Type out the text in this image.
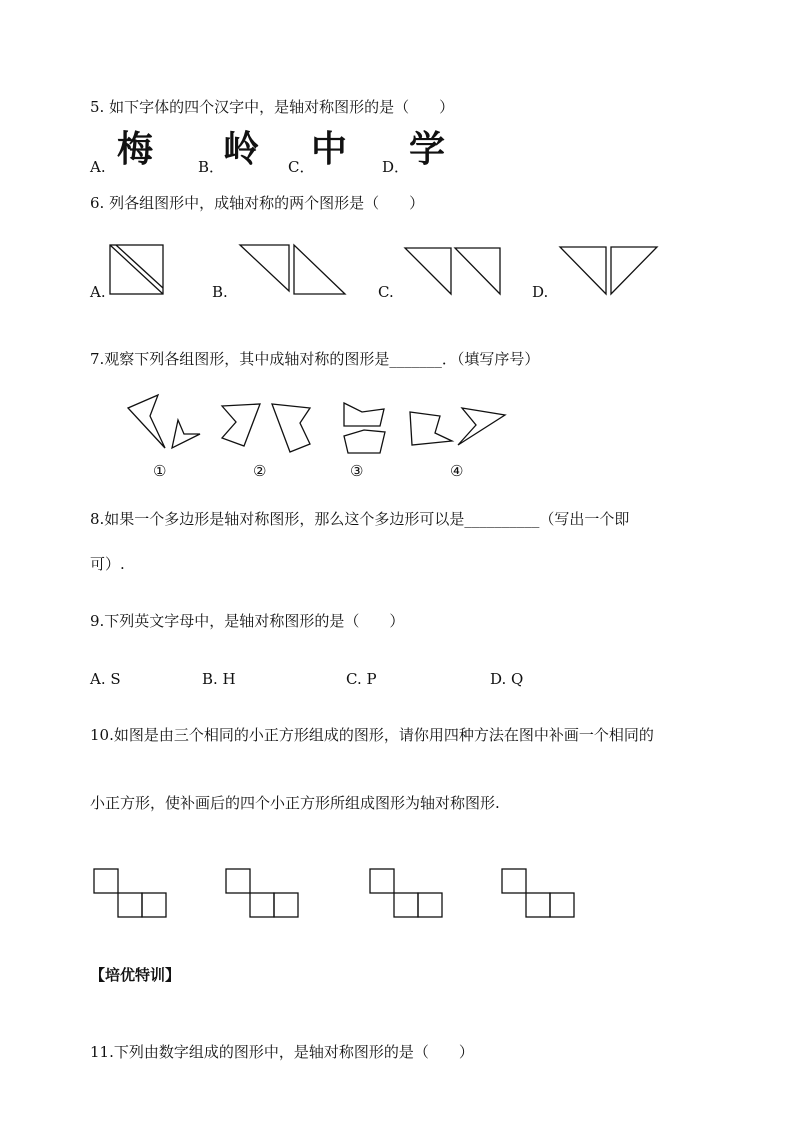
5. 如下字体的四个汉字中，是轴对称图形的是（　　）
A. 梅	B．
岭 C．
中 D． 学
6. 列各组图形中，成轴对称的两个图形是（　　）
A.	B.	C.	D.
7.观察下列各组图形，其中成轴对称的图形是_______．（填写序号）
①	②	③	④
8.如果一个多边形是轴对称图形，那么这个多边形可以是__________（写出一个即
可）.
9.下列英文字母中，是轴对称图形的是（　　）
A. S	B. H	C. P	D. Q
10.如图是由三个相同的小正方形组成的图形，请你用四种方法在图中补画一个相同的
小正方形，使补画后的四个小正方形所组成图形为轴对称图形.
【培优特训】
11.下列由数字组成的图形中，是轴对称图形的是（　　）
